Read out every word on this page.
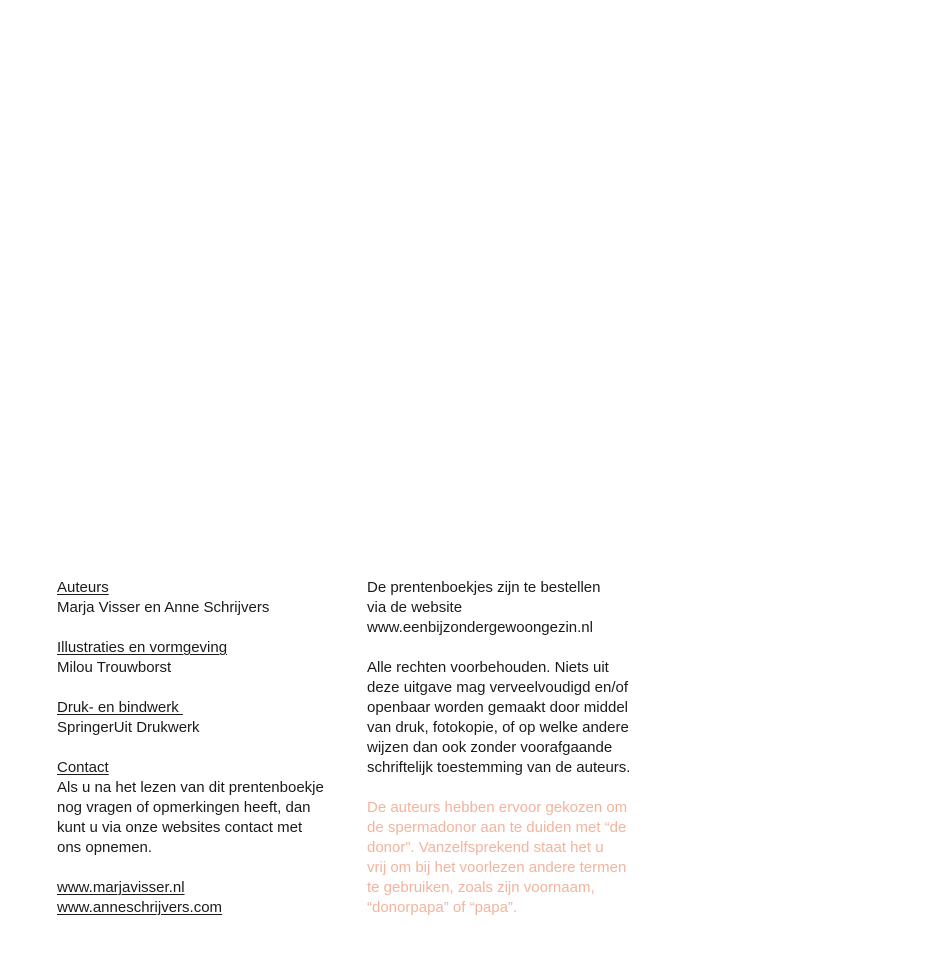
Auteurs
Marja Visser en Anne Schrijvers
Illustraties en vormgeving
Milou Trouwborst
Druk- en bindwerk
SpringerUit Drukwerk
Contact
Als u na het lezen van dit prentenboekje
nog vragen of opmerkingen heeft, dan
kunt u via onze websites contact met
ons opnemen.
www.marjavisser.nl
www.anneschrijvers.com
De prentenboekjes zijn te bestellen
via de website
www.eenbijzondergewoongezin.nl
Alle rechten voorbehouden. Niets uit
deze uitgave mag verveelvoudigd en/of
openbaar worden gemaakt door middel
van druk, fotokopie, of op welke andere
wijzen dan ook zonder voorafgaande
schriftelijk toestemming van de auteurs.
De auteurs hebben ervoor gekozen om
de spermadonor aan te duiden met “de
donor”. Vanzelfsprekend staat het u
vrij om bij het voorlezen andere termen
te gebruiken, zoals zijn voornaam,
“donorpapa” of “papa”.
